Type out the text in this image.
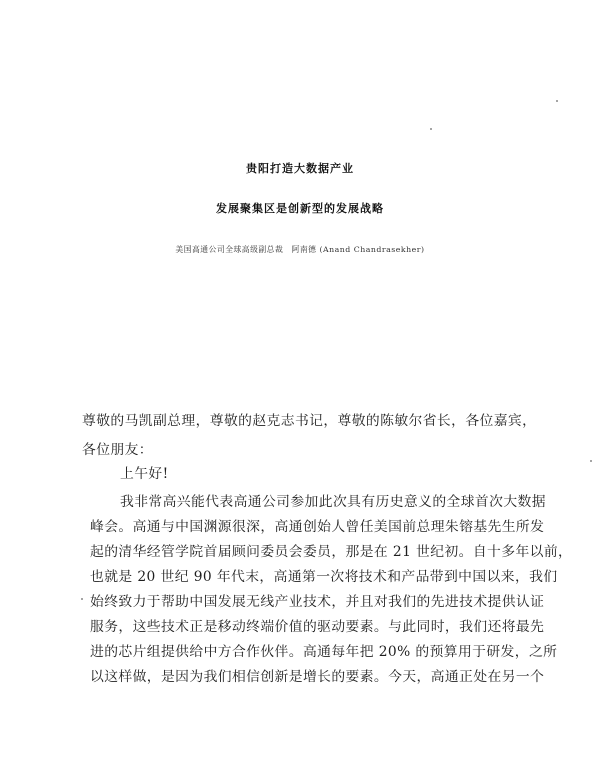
贵阳打造大数据产业
发展聚集区是创新型的发展战略
美国高通公司全球高级副总裁　阿南德 (Anand Chandrasekher)
尊敬的马凯副总理，尊敬的赵克志书记，尊敬的陈敏尔省长，各位嘉宾，
各位朋友：
上午好!
我非常高兴能代表高通公司参加此次具有历史意义的全球首次大数据
峰会。高通与中国渊源很深，高通创始人曾任美国前总理朱镕基先生所发
起的清华经管学院首届顾问委员会委员，那是在 21 世纪初。自十多年以前，
也就是 20 世纪 90 年代末，高通第一次将技术和产品带到中国以来，我们
始终致力于帮助中国发展无线产业技术，并且对我们的先进技术提供认证
服务，这些技术正是移动终端价值的驱动要素。与此同时，我们还将最先
进的芯片组提供给中方合作伙伴。高通每年把 20% 的预算用于研发，之所
以这样做，是因为我们相信创新是增长的要素。今天，高通正处在另一个
